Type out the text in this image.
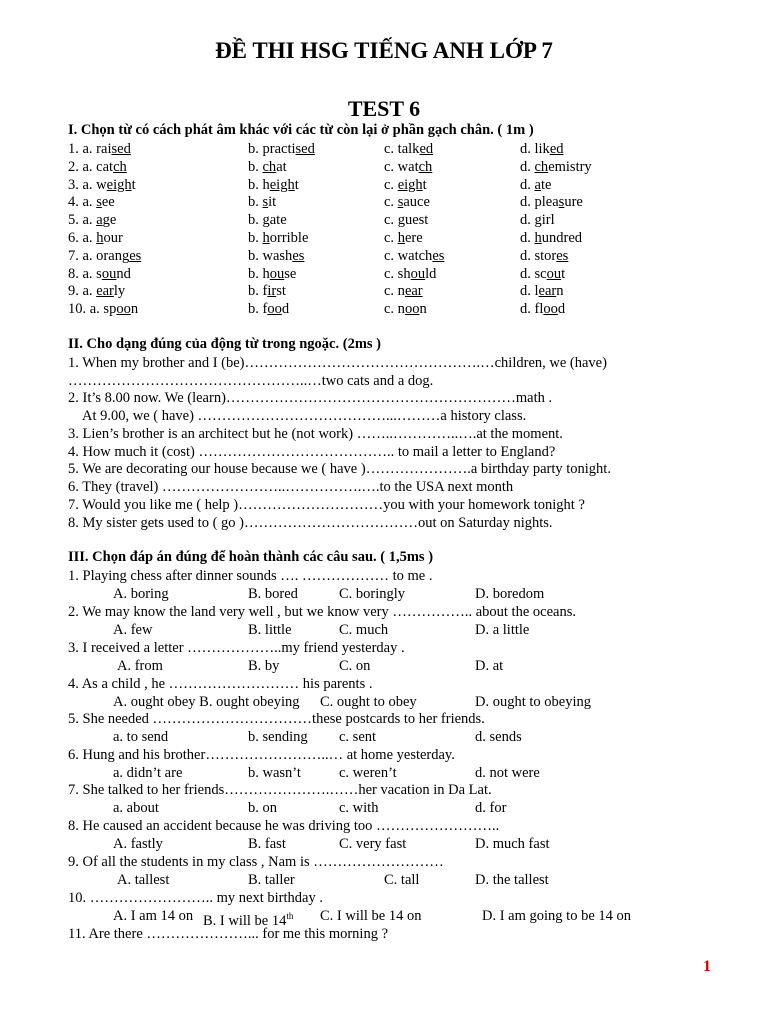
ĐỀ THI HSG TIẾNG ANH LỚP 7
TEST 6
I. Chọn từ có cách phát âm khác với các từ còn lại ở phần gạch chân. ( 1m )
1. a. raised	b. practised	c. talked	d. liked
2. a. catch	b. chat	c. watch	d. chemistry
3. a. weight	b. height	c. eight	d. ate
4. a. see	b. sit	c. sauce	d. pleasure
5. a. age	b. gate	c. guest	d. girl
6. a. hour	b. horrible	c. here	d. hundred
7. a. oranges	b. washes	c. watches	d. stores
8. a. sound	b. house	c. should	d. scout
9. a. early	b. first	c. near	d. learn
10. a. spoon	b. food	c. noon	d. flood
II. Cho dạng đúng của động từ trong ngoặc. (2ms )
1. When my brother and I (be)………………………………………….…children, we (have)
…………………………………………..…two cats and a dog.
2. It’s 8.00 now. We (learn)……………………………………………………math .
At 9.00, we ( have) …………………………………...………a history class.
3. Lien’s brother is an architect but he (not work) ……..…………..….at the moment.
4. How much it (cost) ………………………………….. to mail a letter to England?
5. We are decorating our house because we ( have )………………….a birthday party tonight.
6. They (travel) ……………………..…………….….to the USA next month
7. Would you like me ( help )…………………………you with your homework tonight ?
8. My sister gets used to ( go )………………………………out on Saturday nights.
III. Chọn đáp án đúng để hoàn thành các câu sau. ( 1,5ms )
1. Playing chess after dinner sounds …. ……………… to me .
A. boring	B. bored	C. boringly	D. boredom
2. We may know the land very well , but we know very …………….. about the oceans.
A. few	B. little	C. much	D. a little
3. I received a letter ………………..my friend yesterday .
A. from	B. by	C. on	D. at
4. As a child , he ……………………… his parents .
A. ought obey B. ought obeying C. ought to obey	D. ought to obeying
5. She needed ……………………………these postcards to her friends.
a. to send	b. sending c. sent	d. sends
6. Hung and his brother……………………..… at home yesterday.
a. didn’t are	b. wasn’t	c. weren’t	d. not were
7. She talked to her friends………………….……her vacation in Da Lat.
a. about	b. on	c. with	d. for
8. He caused an accident because he was driving too ……………………..
A. fastly	B. fast	C. very fast	D. much fast
9. Of all the students in my class , Nam is ………………………
A. tallest	B. taller	C. tall	D. the tallest
10. …………………….. my next birthday .
A. I am 14 on B. I will be 14th C. I will be 14 on	D. I am going to be 14 on
11. Are there …………………... for me this morning ?
1
